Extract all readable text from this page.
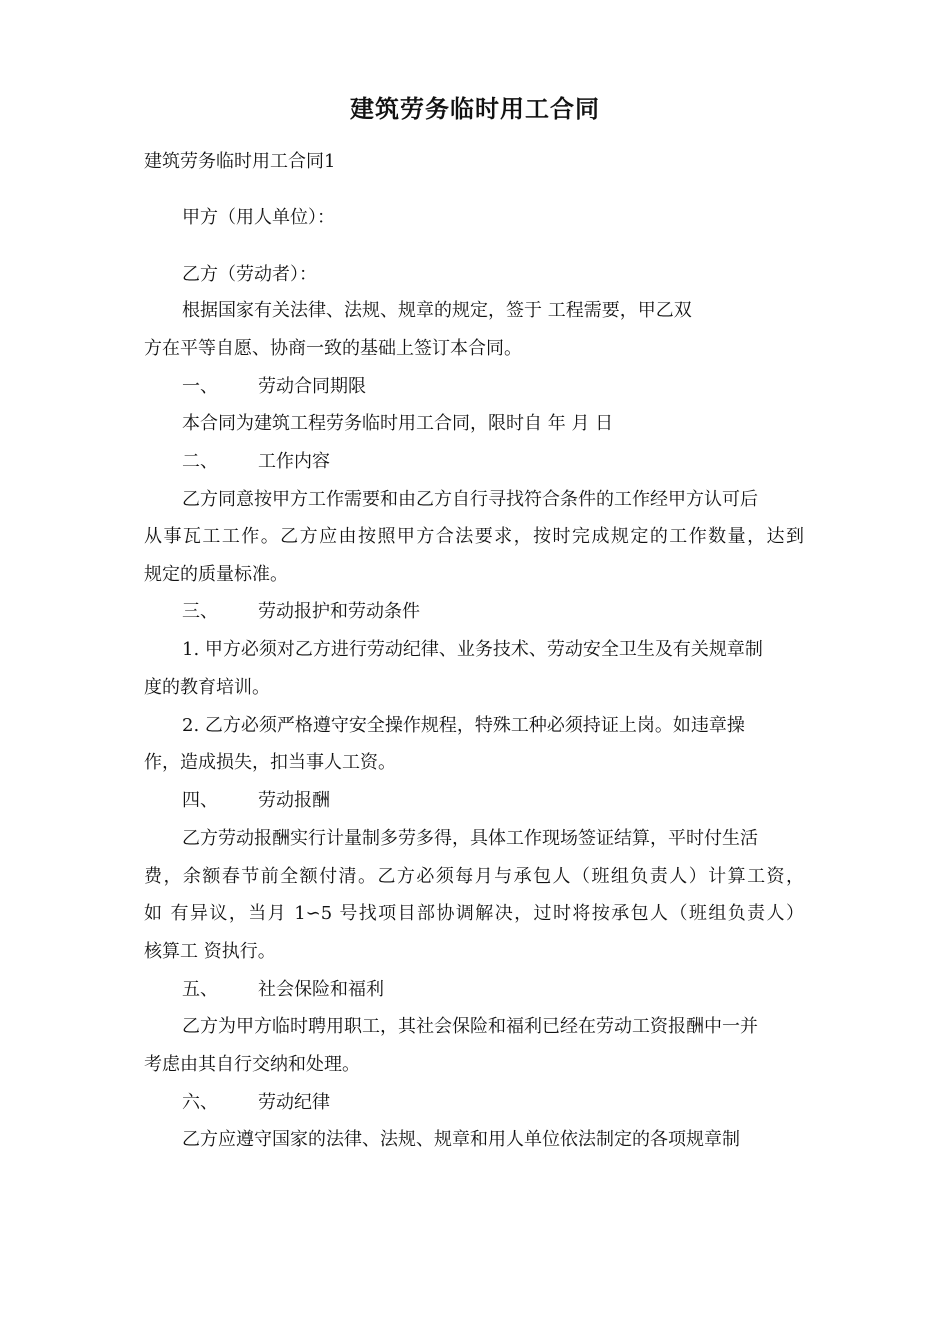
建筑劳务临时用工合同

建筑劳务临时用工合同1

甲方（用人单位）：

乙方（劳动者）：

根据国家有关法律、法规、规章的规定，签于 工程需要，甲乙双

方在平等自愿、协商一致的基础上签订本合同。

一、 劳动合同期限

本合同为建筑工程劳务临时用工合同，限时自 年 月 日

二、 工作内容

乙方同意按甲方工作需要和由乙方自行寻找符合条件的工作经甲方认可后

从事瓦工工作。乙方应由按照甲方合法要求，按时完成规定的工作数量，达到

规定的质量标准。

三、 劳动报护和劳动条件

1. 甲方必须对乙方进行劳动纪律、业务技术、劳动安全卫生及有关规章制

度的教育培训。

2. 乙方必须严格遵守安全操作规程，特殊工种必须持证上岗。如违章操

作，造成损失，扣当事人工资。

四、 劳动报酬

乙方劳动报酬实行计量制多劳多得，具体工作现场签证结算，平时付生活

费，余额春节前全额付清。乙方必须每月与承包人（班组负责人）计算工资，

如 有异议，当月 1∽5 号找项目部协调解决，过时将按承包人（班组负责人）

核算工 资执行。

五、 社会保险和福利

乙方为甲方临时聘用职工，其社会保险和福利已经在劳动工资报酬中一并

考虑由其自行交纳和处理。

六、 劳动纪律

乙方应遵守国家的法律、法规、规章和用人单位依法制定的各项规章制
